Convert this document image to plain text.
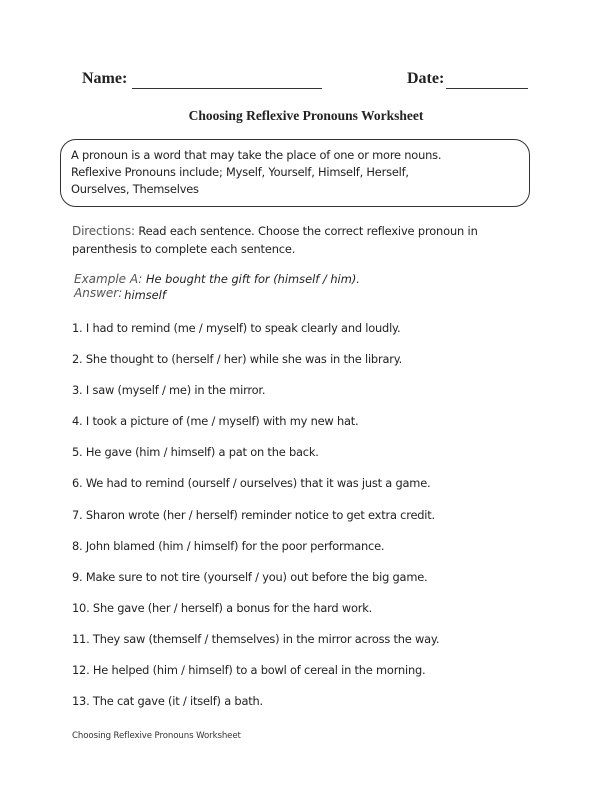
Name:	Date:
Choosing Reflexive Pronouns Worksheet
A pronoun is a word that may take the place of one or more nouns.
Reflexive Pronouns include; Myself, Yourself, Himself, Herself,
Ourselves, Themselves
Directions: Read each sentence. Choose the correct reflexive pronoun in
parenthesis to complete each sentence.
Example A: He bought the gift for (himself / him).
Answer: himself
1. I had to remind (me / myself) to speak clearly and loudly.
2. She thought to (herself / her) while she was in the library.
3. I saw (myself / me) in the mirror.
4. I took a picture of (me / myself) with my new hat.
5. He gave (him / himself) a pat on the back.
6. We had to remind (ourself / ourselves) that it was just a game.
7. Sharon wrote (her / herself) reminder notice to get extra credit.
8. John blamed (him / himself) for the poor performance.
9. Make sure to not tire (yourself / you) out before the big game.
10. She gave (her / herself) a bonus for the hard work.
11. They saw (themself / themselves) in the mirror across the way.
12. He helped (him / himself) to a bowl of cereal in the morning.
13. The cat gave (it / itself) a bath.
Choosing Reflexive Pronouns Worksheet
